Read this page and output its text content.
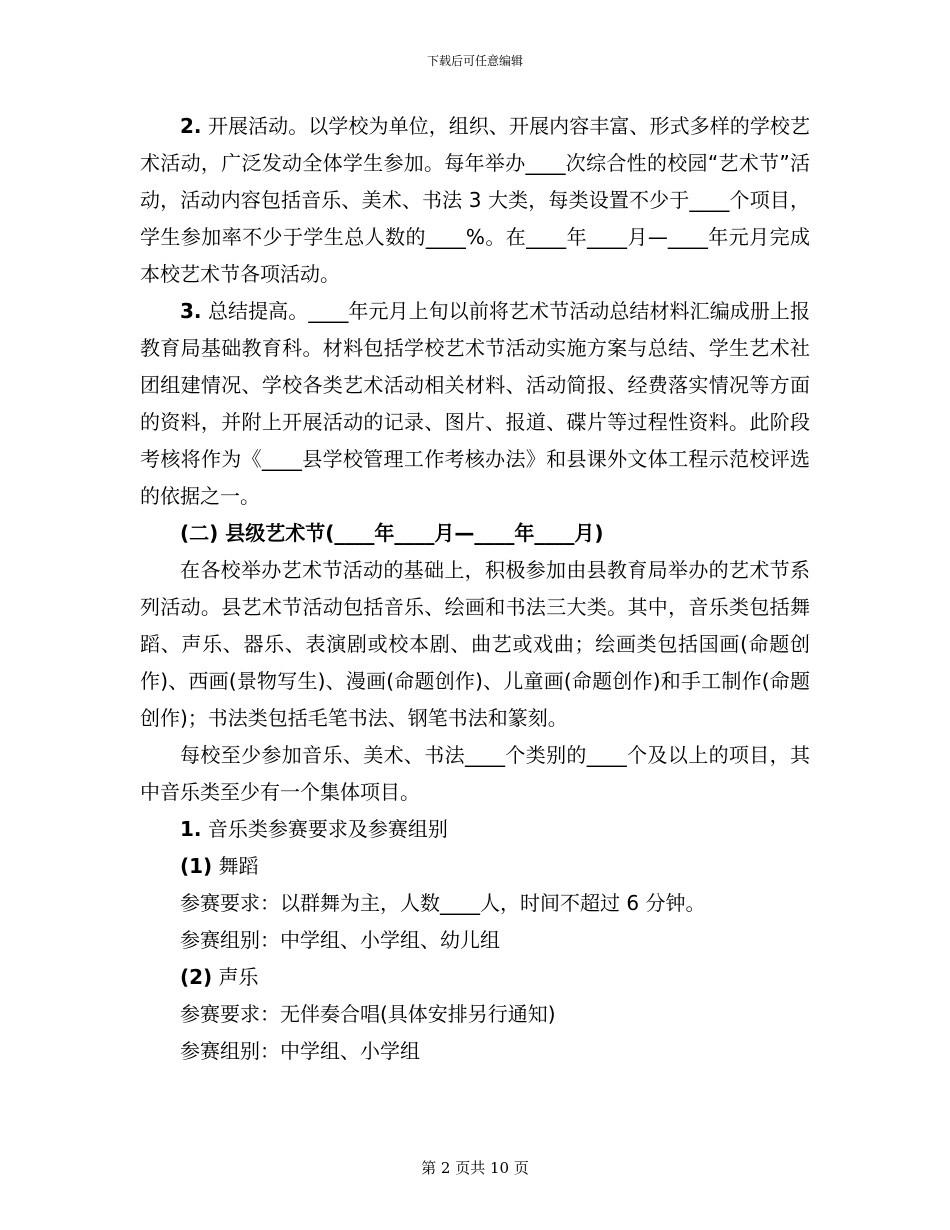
下载后可任意编辑

2. 开展活动。以学校为单位，组织、开展内容丰富、形式多样的学校艺术活动，广泛发动全体学生参加。每年举办____次综合性的校园“艺术节”活动，活动内容包括音乐、美术、书法 3 大类，每类设置不少于____个项目，学生参加率不少于学生总人数的____%。在____年____月—____年元月完成本校艺术节各项活动。

3. 总结提高。____年元月上旬以前将艺术节活动总结材料汇编成册上报教育局基础教育科。材料包括学校艺术节活动实施方案与总结、学生艺术社团组建情况、学校各类艺术活动相关材料、活动简报、经费落实情况等方面的资料，并附上开展活动的记录、图片、报道、碟片等过程性资料。此阶段考核将作为《____县学校管理工作考核办法》和县课外文体工程示范校评选的依据之一。

(二) 县级艺术节(____年____月—____年____月)

在各校举办艺术节活动的基础上，积极参加由县教育局举办的艺术节系列活动。县艺术节活动包括音乐、绘画和书法三大类。其中，音乐类包括舞蹈、声乐、器乐、表演剧或校本剧、曲艺或戏曲；绘画类包括国画(命题创作)、西画(景物写生)、漫画(命题创作)、儿童画(命题创作)和手工制作(命题创作)；书法类包括毛笔书法、钢笔书法和篆刻。

每校至少参加音乐、美术、书法____个类别的____个及以上的项目，其中音乐类至少有一个集体项目。

1. 音乐类参赛要求及参赛组别

(1) 舞蹈

参赛要求：以群舞为主，人数____人，时间不超过 6 分钟。

参赛组别：中学组、小学组、幼儿组

(2) 声乐

参赛要求：无伴奏合唱(具体安排另行通知)

参赛组别：中学组、小学组

第 2 页共 10 页
